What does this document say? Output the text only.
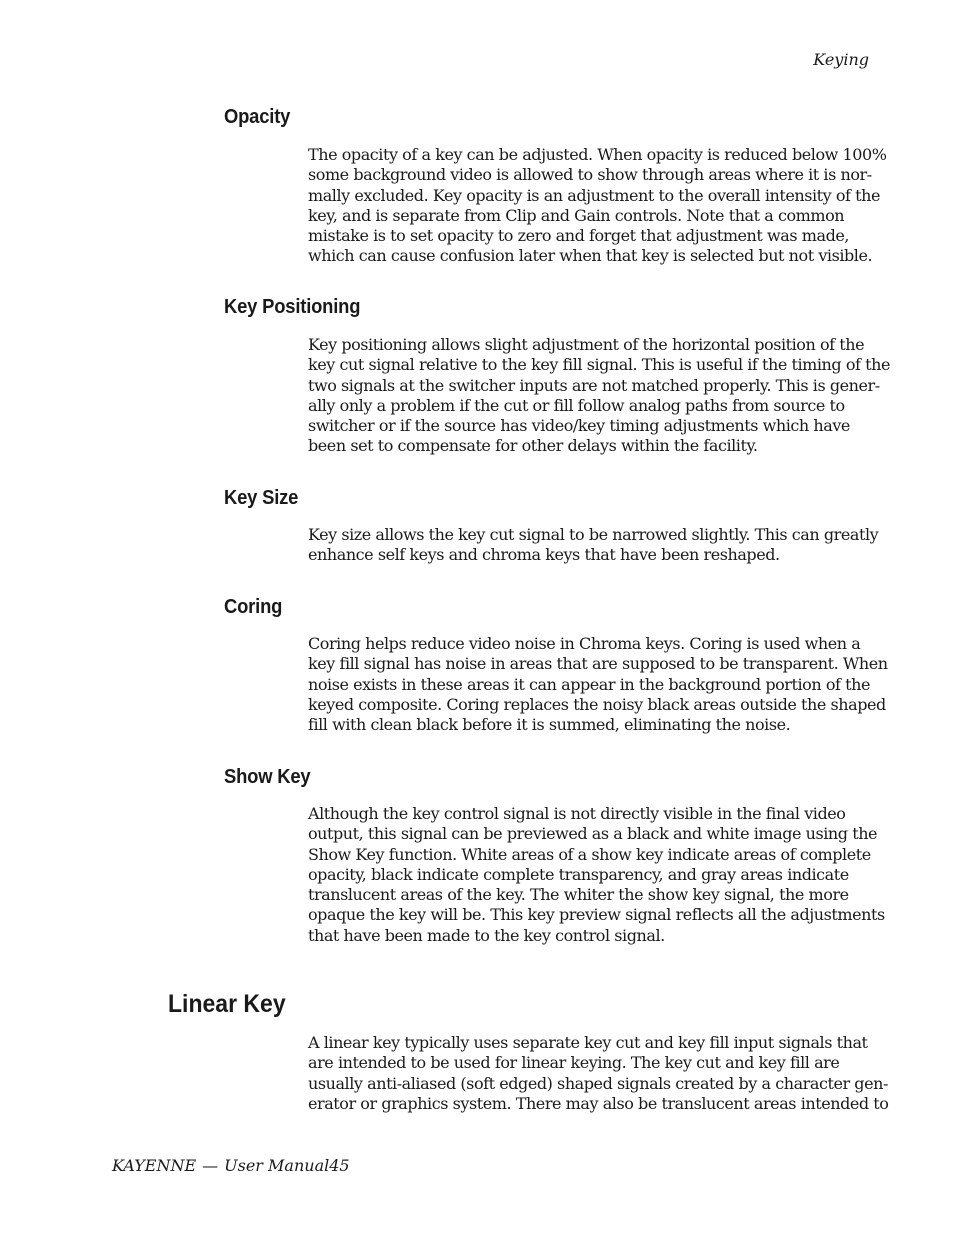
Keying
Opacity
The opacity of a key can be adjusted. When opacity is reduced below 100%
some background video is allowed to show through areas where it is nor-
mally excluded. Key opacity is an adjustment to the overall intensity of the
key, and is separate from Clip and Gain controls. Note that a common
mistake is to set opacity to zero and forget that adjustment was made,
which can cause confusion later when that key is selected but not visible.
Key Positioning
Key positioning allows slight adjustment of the horizontal position of the
key cut signal relative to the key fill signal. This is useful if the timing of the
two signals at the switcher inputs are not matched properly. This is gener-
ally only a problem if the cut or fill follow analog paths from source to
switcher or if the source has video/key timing adjustments which have
been set to compensate for other delays within the facility.
Key Size
Key size allows the key cut signal to be narrowed slightly. This can greatly
enhance self keys and chroma keys that have been reshaped.
Coring
Coring helps reduce video noise in Chroma keys. Coring is used when a
key fill signal has noise in areas that are supposed to be transparent. When
noise exists in these areas it can appear in the background portion of the
keyed composite. Coring replaces the noisy black areas outside the shaped
fill with clean black before it is summed, eliminating the noise.
Show Key
Although the key control signal is not directly visible in the final video
output, this signal can be previewed as a black and white image using the
Show Key function. White areas of a show key indicate areas of complete
opacity, black indicate complete transparency, and gray areas indicate
translucent areas of the key. The whiter the show key signal, the more
opaque the key will be. This key preview signal reflects all the adjustments
that have been made to the key control signal.
Linear Key
A linear key typically uses separate key cut and key fill input signals that
are intended to be used for linear keying. The key cut and key fill are
usually anti-aliased (soft edged) shaped signals created by a character gen-
erator or graphics system. There may also be translucent areas intended to
KAYENNE — User Manual45
